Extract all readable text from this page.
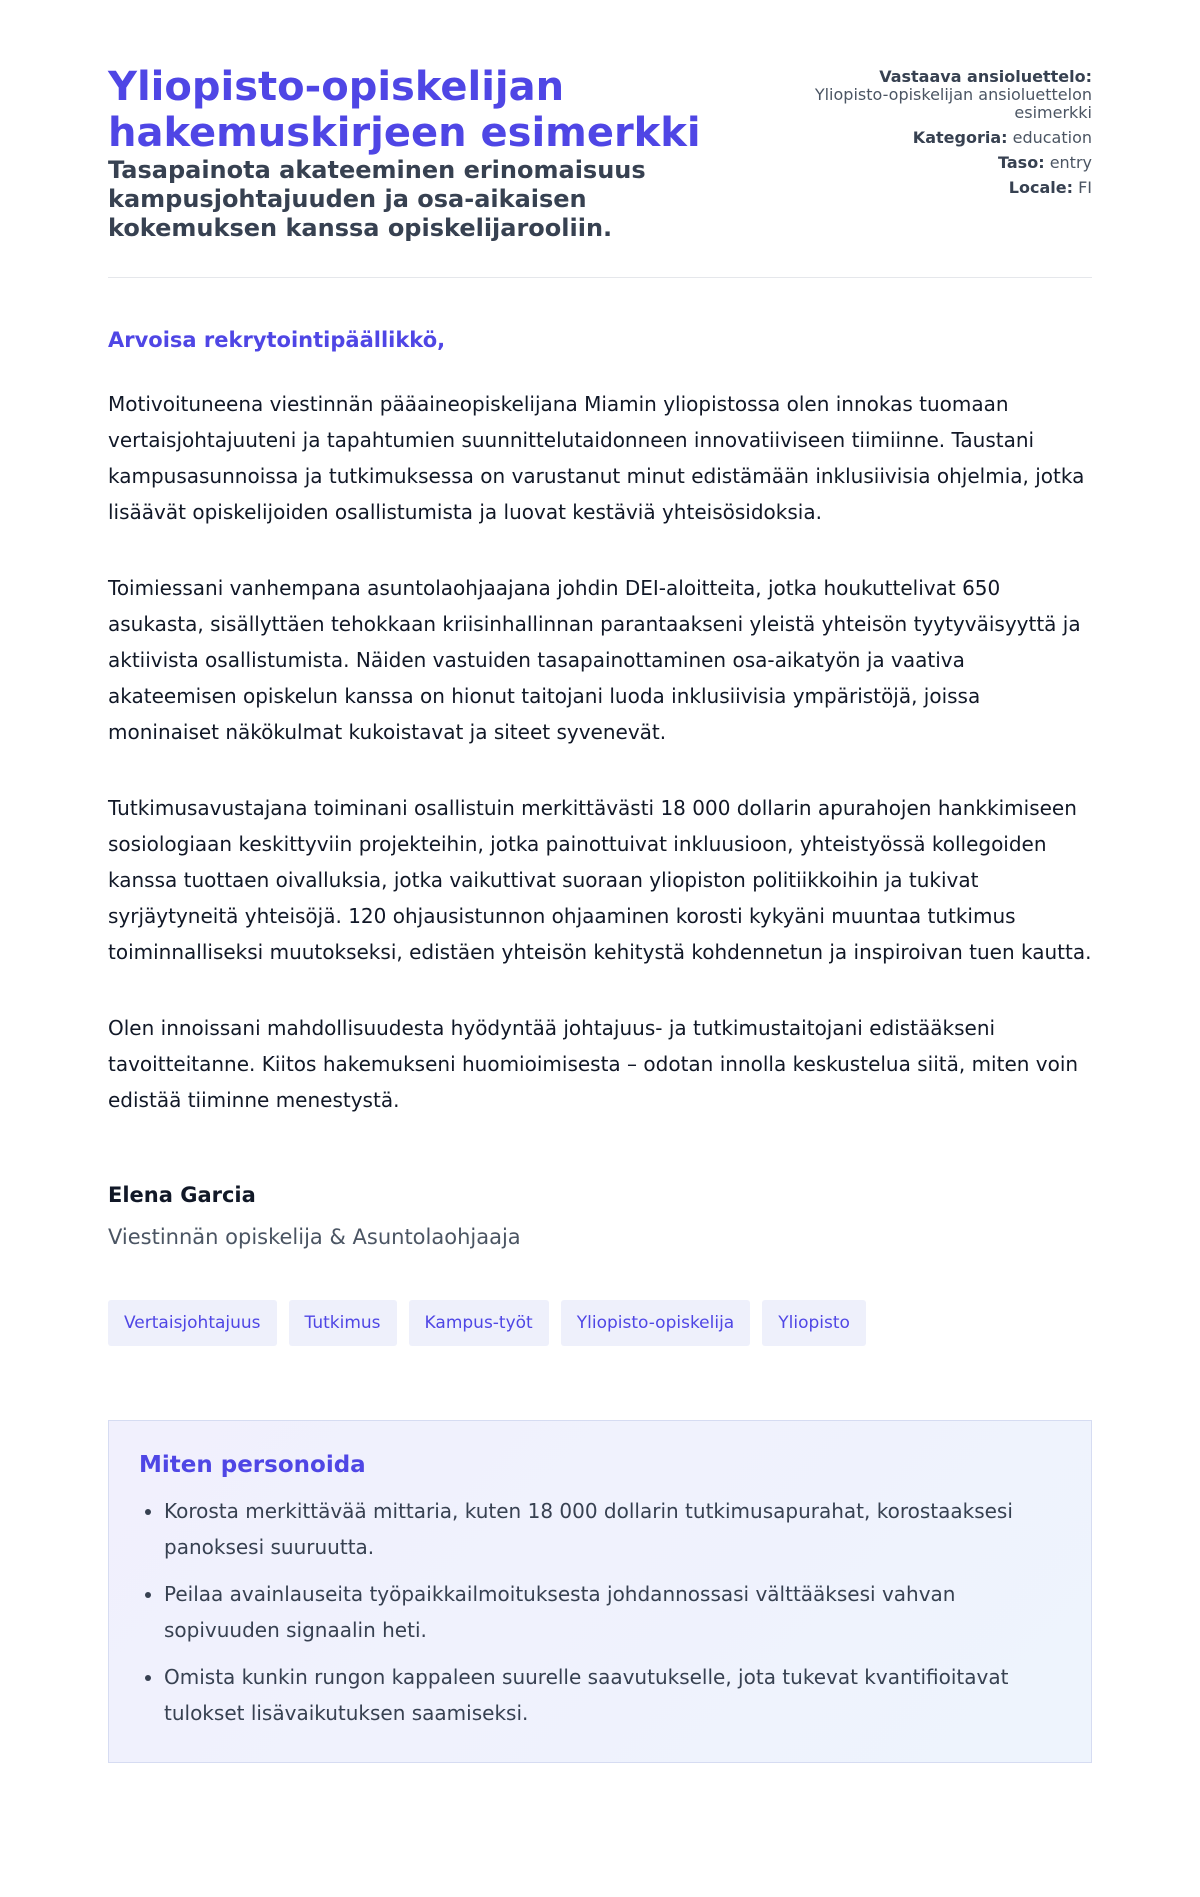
Yliopisto-opiskelijan hakemuskirjeen esimerkki

Tasapainota akateeminen erinomaisuus kampusjohtajuuden ja osa-aikaisen kokemuksen kanssa opiskelijarooliin.

Vastaava ansioluettelo:
Yliopisto-opiskelijan ansioluettelon esimerkki
Kategoria: education
Taso: entry
Locale: FI

Arvoisa rekrytointipäällikkö,

Motivoituneena viestinnän pääaineopiskelijana Miamin yliopistossa olen innokas tuomaan vertaisjohtajuuteni ja tapahtumien suunnittelutaidonneen innovatiiviseen tiimiinne. Taustani kampusasunnoissa ja tutkimuksessa on varustanut minut edistämään inklusiivisia ohjelmia, jotka lisäävät opiskelijoiden osallistumista ja luovat kestäviä yhteisösidoksia.

Toimiessani vanhempana asuntolaohjaajana johdin DEI-aloitteita, jotka houkuttelivat 650 asukasta, sisällyttäen tehokkaan kriisinhallinnan parantaakseni yleistä yhteisön tyytyväisyyttä ja aktiivista osallistumista. Näiden vastuiden tasapainottaminen osa-aikatyön ja vaativa akateemisen opiskelun kanssa on hionut taitojani luoda inklusiivisia ympäristöjä, joissa moninaiset näkökulmat kukoistavat ja siteet syvenevät.

Tutkimusavustajana toiminani osallistuin merkittävästi 18 000 dollarin apurahojen hankkimiseen sosiologiaan keskittyviin projekteihin, jotka painottuivat inkluusioon, yhteistyössä kollegoiden kanssa tuottaen oivalluksia, jotka vaikuttivat suoraan yliopiston politiikkoihin ja tukivat syrjäytyneitä yhteisöjä. 120 ohjausistunnon ohjaaminen korosti kykyäni muuntaa tutkimus toiminnalliseksi muutokseksi, edistäen yhteisön kehitystä kohdennetun ja inspiroivan tuen kautta.

Olen innoissani mahdollisuudesta hyödyntää johtajuus- ja tutkimustaitojani edistääkseni tavoitteitanne. Kiitos hakemukseni huomioimisesta – odotan innolla keskustelua siitä, miten voin edistää tiiminne menestystä.

Elena Garcia

Viestinnän opiskelija & Asuntolaohjaaja

Vertaisjohtajuus	Tutkimus	Kampus-työt	Yliopisto-opiskelija	Yliopisto
Miten personoida
• Korosta merkittävää mittaria, kuten 18 000 dollarin tutkimusapurahat, korostaaksesi panoksesi suuruutta.
• Peilaa avainlauseita työpaikkailmoituksesta johdannossasi välttääksesi vahvan sopivuuden signaalin heti.
• Omista kunkin rungon kappaleen suurelle saavutukselle, jota tukevat kvantifioitavat tulokset lisävaikutuksen saamiseksi.
